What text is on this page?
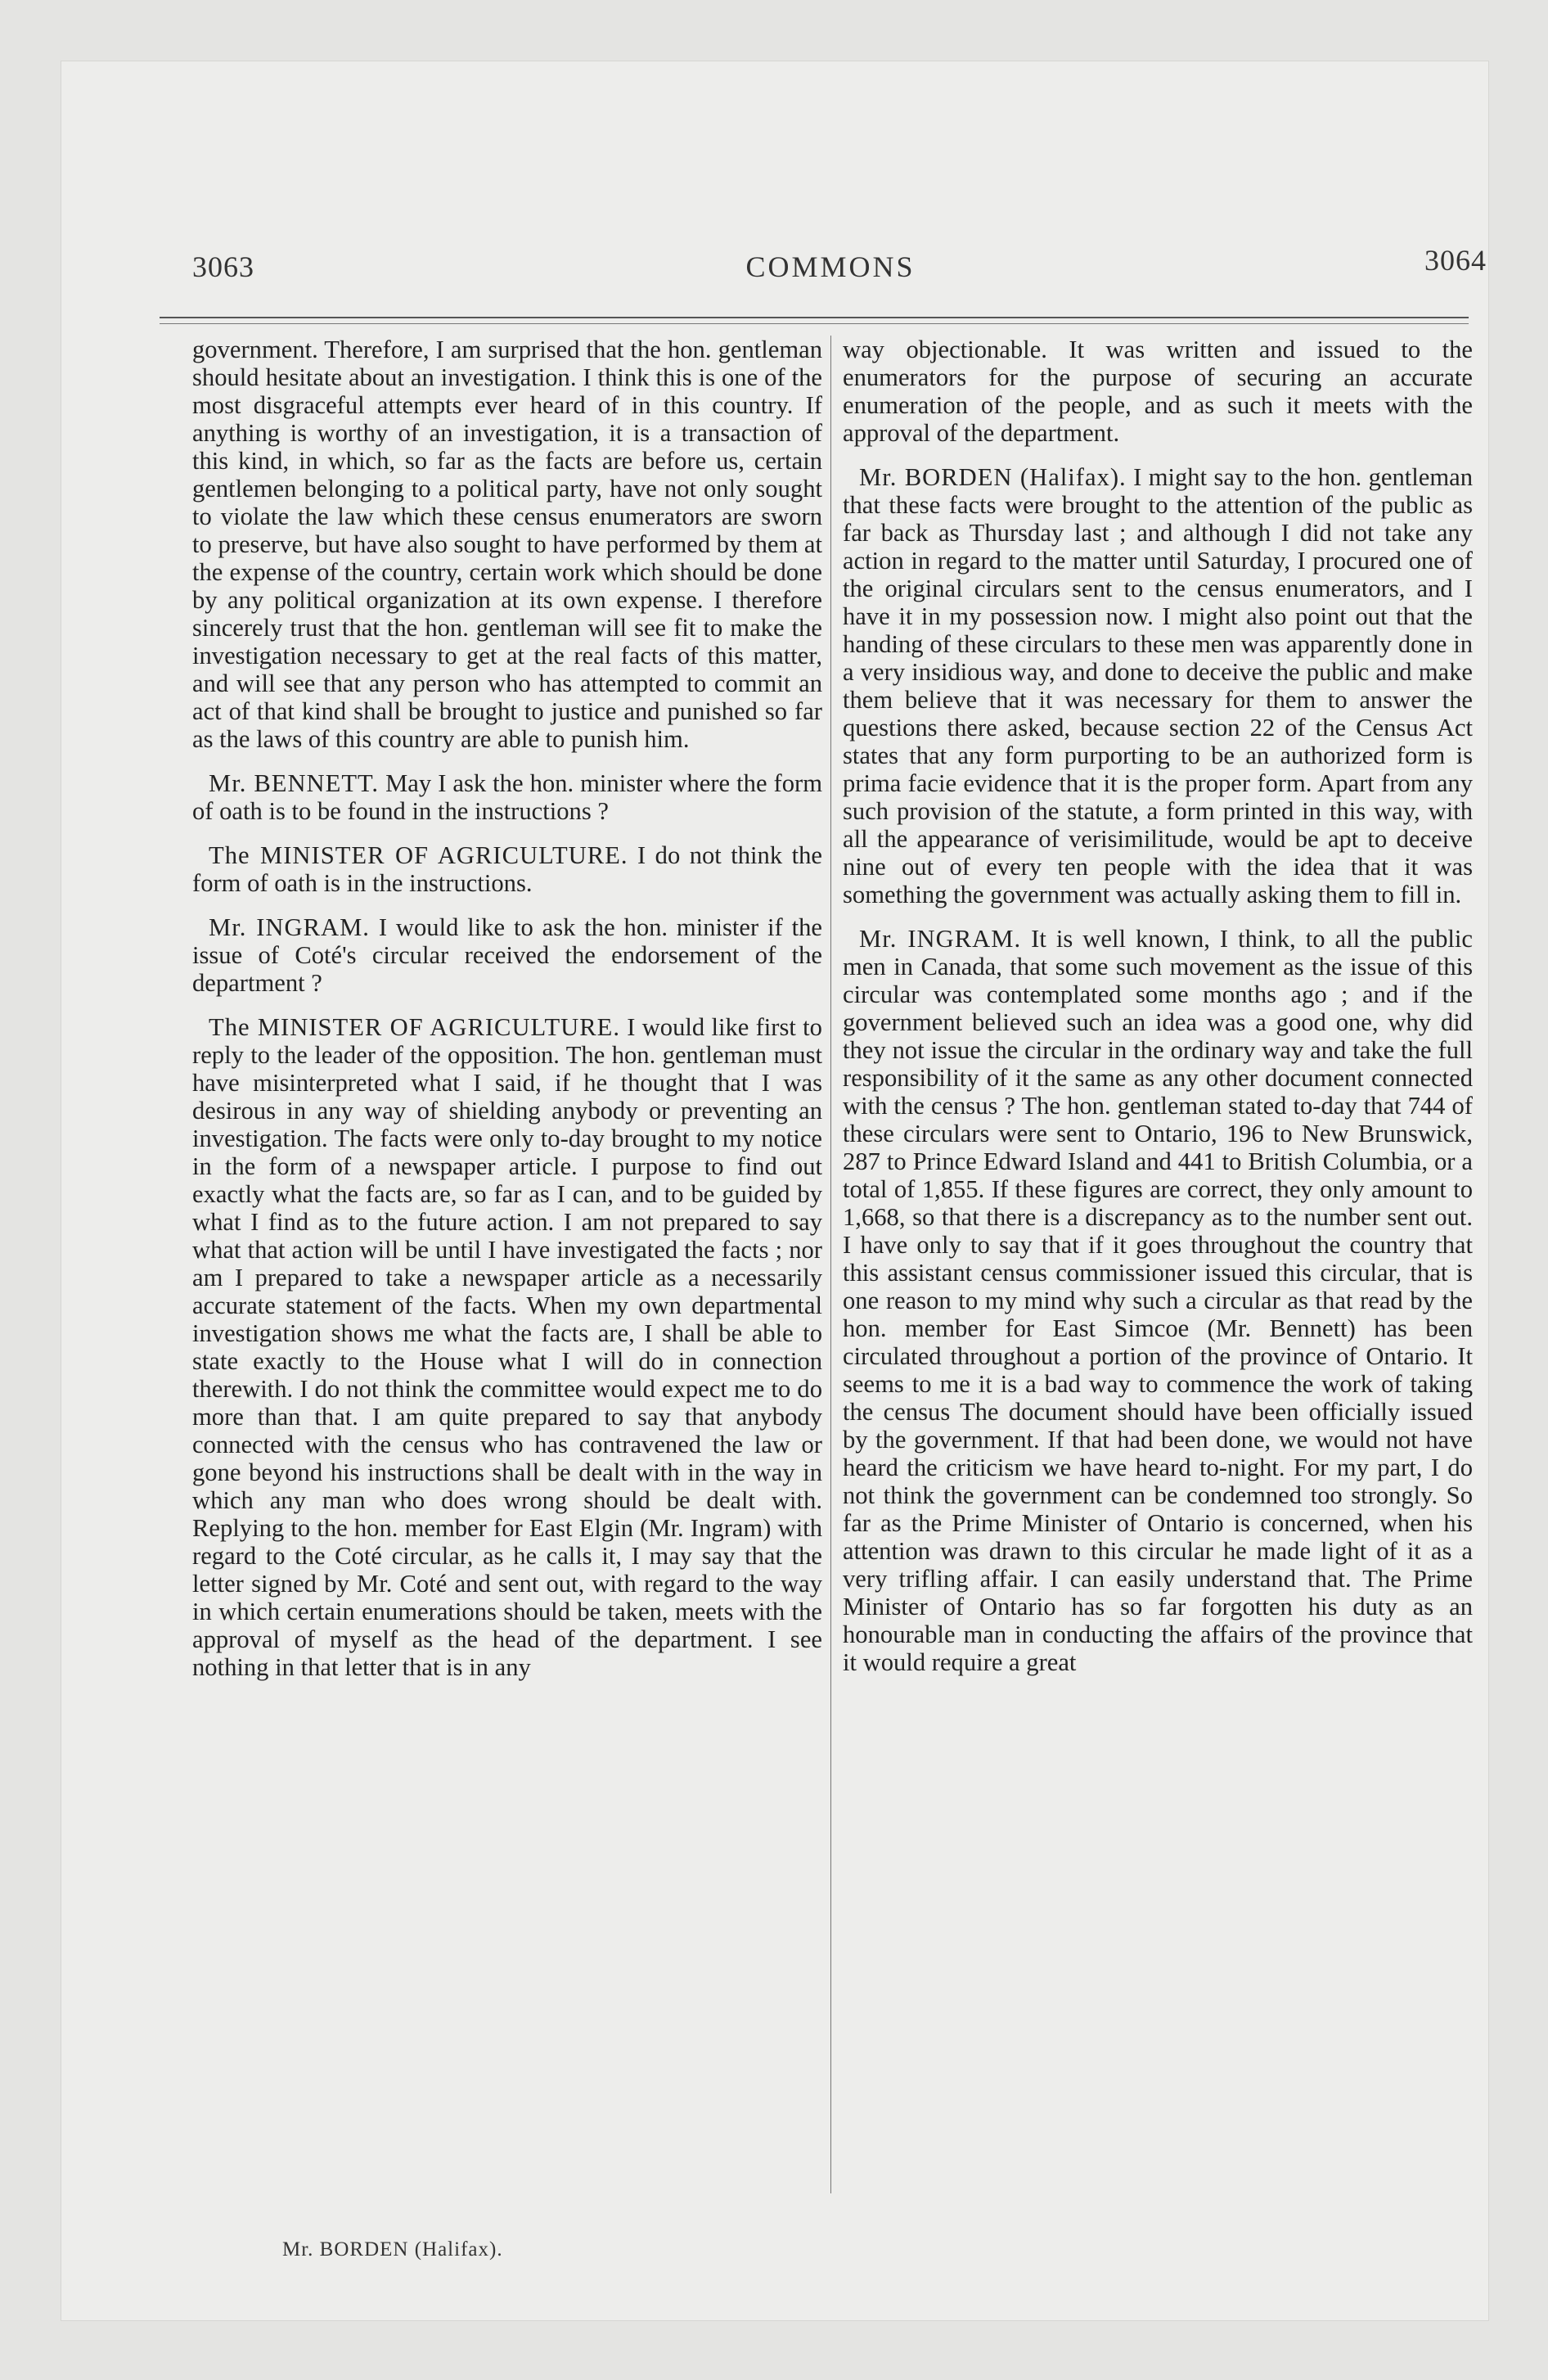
3063	COMMONS	3064

government. Therefore, I am surprised that the hon. gentleman should hesitate about an investigation. I think this is one of the most disgraceful attempts ever heard of in this country. If anything is worthy of an investigation, it is a transaction of this kind, in which, so far as the facts are before us, certain gentlemen belonging to a political party, have not only sought to violate the law which these census enumerators are sworn to preserve, but have also sought to have performed by them at the expense of the country, certain work which should be done by any political organization at its own expense. I therefore sincerely trust that the hon. gentleman will see fit to make the investigation necessary to get at the real facts of this matter, and will see that any person who has attempted to commit an act of that kind shall be brought to justice and punished so far as the laws of this country are able to punish him.

Mr. BENNETT. May I ask the hon. minister where the form of oath is to be found in the instructions ?

The MINISTER OF AGRICULTURE. I do not think the form of oath is in the instructions.

Mr. INGRAM. I would like to ask the hon. minister if the issue of Coté's circular received the endorsement of the department ?

The MINISTER OF AGRICULTURE. I would like first to reply to the leader of the opposition. The hon. gentleman must have misinterpreted what I said, if he thought that I was desirous in any way of shielding anybody or preventing an investigation. The facts were only to-day brought to my notice in the form of a newspaper article. I purpose to find out exactly what the facts are, so far as I can, and to be guided by what I find as to the future action. I am not prepared to say what that action will be until I have investigated the facts ; nor am I prepared to take a newspaper article as a necessarily accurate statement of the facts. When my own departmental investigation shows me what the facts are, I shall be able to state exactly to the House what I will do in connection therewith. I do not think the committee would expect me to do more than that. I am quite prepared to say that anybody connected with the census who has contravened the law or gone beyond his instructions shall be dealt with in the way in which any man who does wrong should be dealt with. Replying to the hon. member for East Elgin (Mr. Ingram) with regard to the Coté circular, as he calls it, I may say that the letter signed by Mr. Coté and sent out, with regard to the way in which certain enumerations should be taken, meets with the approval of myself as the head of the department. I see nothing in that letter that is in any

way objectionable. It was written and issued to the enumerators for the purpose of securing an accurate enumeration of the people, and as such it meets with the approval of the department.

Mr. BORDEN (Halifax). I might say to the hon. gentleman that these facts were brought to the attention of the public as far back as Thursday last ; and although I did not take any action in regard to the matter until Saturday, I procured one of the original circulars sent to the census enumerators, and I have it in my possession now. I might also point out that the handing of these circulars to these men was apparently done in a very insidious way, and done to deceive the public and make them believe that it was necessary for them to answer the questions there asked, because section 22 of the Census Act states that any form purporting to be an authorized form is prima facie evidence that it is the proper form. Apart from any such provision of the statute, a form printed in this way, with all the appearance of verisimilitude, would be apt to deceive nine out of every ten people with the idea that it was something the government was actually asking them to fill in.

Mr. INGRAM. It is well known, I think, to all the public men in Canada, that some such movement as the issue of this circular was contemplated some months ago ; and if the government believed such an idea was a good one, why did they not issue the circular in the ordinary way and take the full responsibility of it the same as any other document connected with the census ? The hon. gentleman stated to-day that 744 of these circulars were sent to Ontario, 196 to New Brunswick, 287 to Prince Edward Island and 441 to British Columbia, or a total of 1,855. If these figures are correct, they only amount to 1,668, so that there is a discrepancy as to the number sent out. I have only to say that if it goes throughout the country that this assistant census commissioner issued this circular, that is one reason to my mind why such a circular as that read by the hon. member for East Simcoe (Mr. Bennett) has been circulated throughout a portion of the province of Ontario. It seems to me it is a bad way to commence the work of taking the census The document should have been officially issued by the government. If that had been done, we would not have heard the criticism we have heard to-night. For my part, I do not think the government can be condemned too strongly. So far as the Prime Minister of Ontario is concerned, when his attention was drawn to this circular he made light of it as a very trifling affair. I can easily understand that. The Prime Minister of Ontario has so far forgotten his duty as an honourable man in conducting the affairs of the province that it would require a great

Mr. BORDEN (Halifax).
